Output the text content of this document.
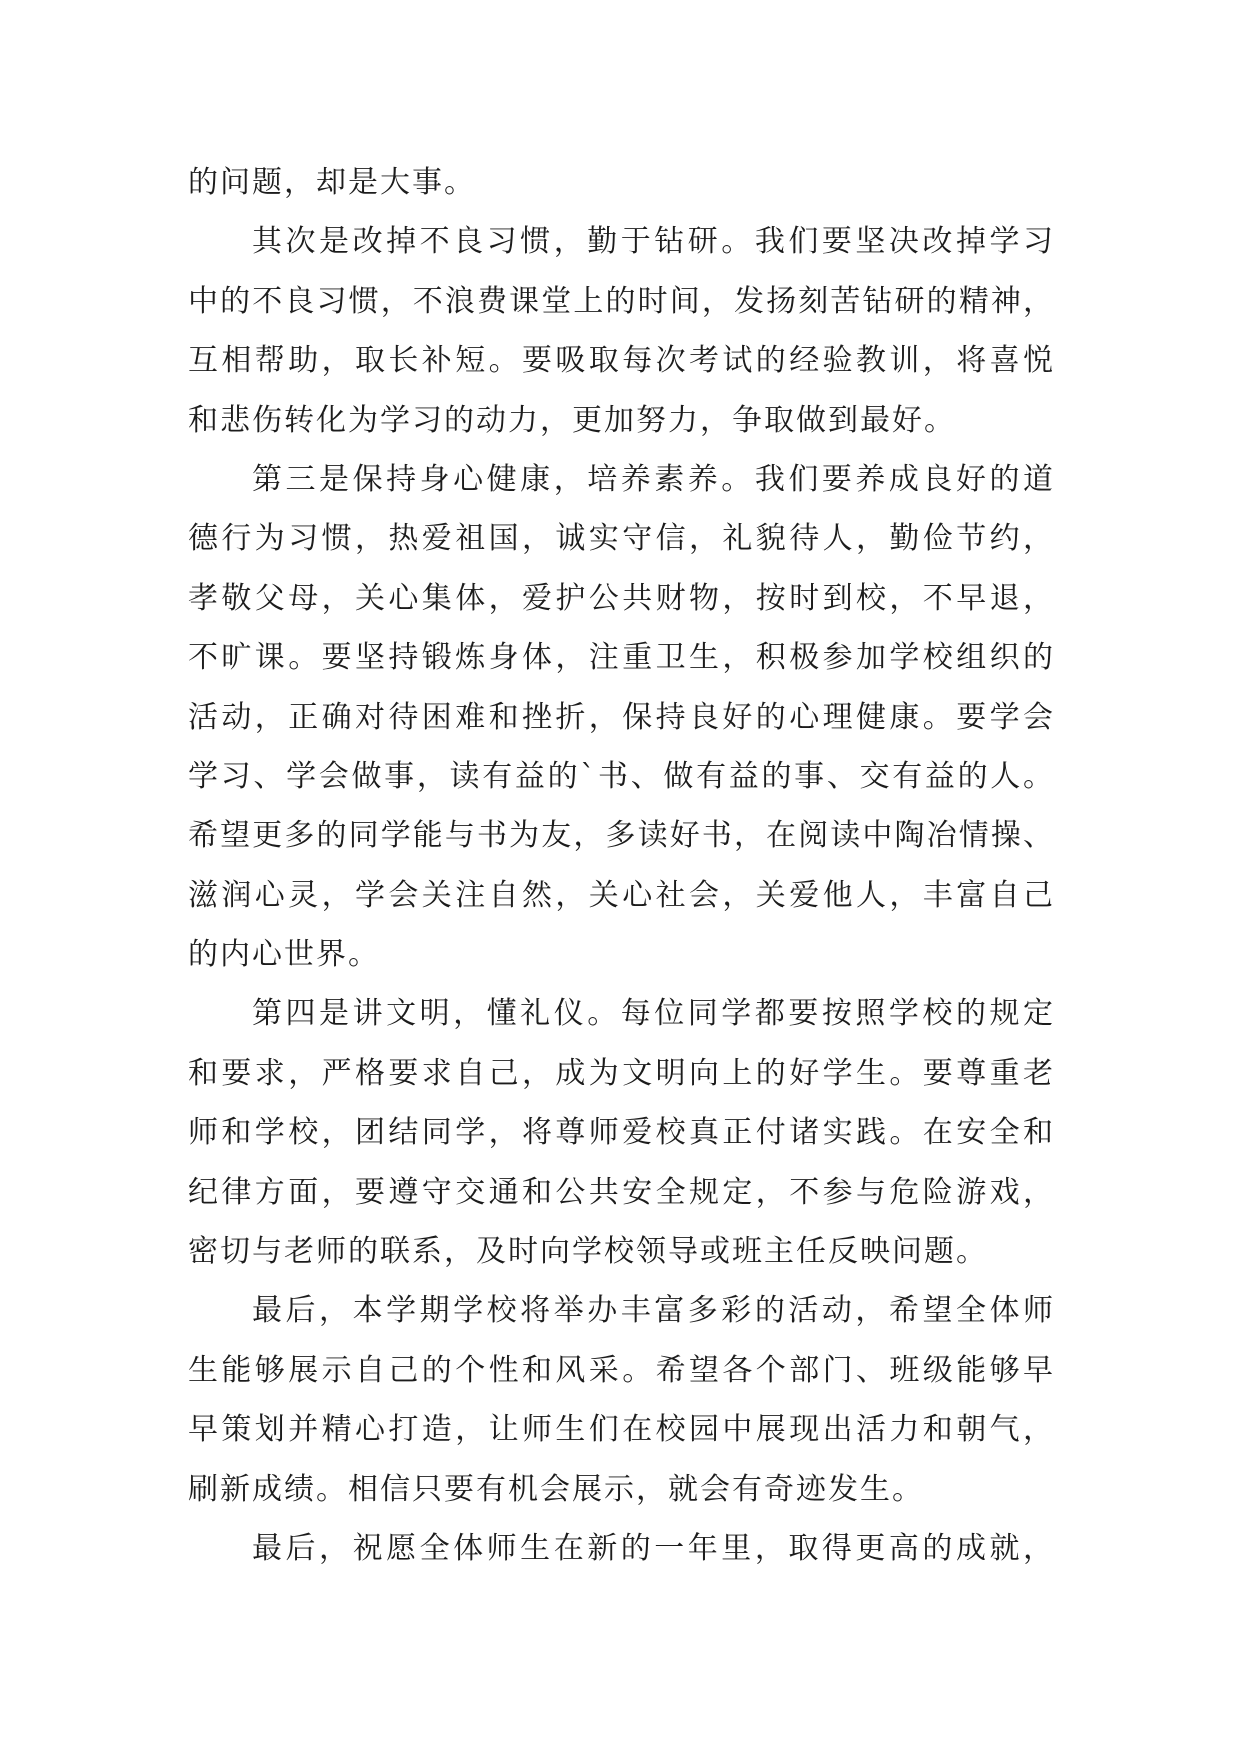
的问题，却是大事。
其次是改掉不良习惯，勤于钻研。我们要坚决改掉学习
中的不良习惯，不浪费课堂上的时间，发扬刻苦钻研的精神，
互相帮助，取长补短。要吸取每次考试的经验教训，将喜悦
和悲伤转化为学习的动力，更加努力，争取做到最好。
第三是保持身心健康，培养素养。我们要养成良好的道
德行为习惯，热爱祖国，诚实守信，礼貌待人，勤俭节约，
孝敬父母，关心集体，爱护公共财物，按时到校，不早退，
不旷课。要坚持锻炼身体，注重卫生，积极参加学校组织的
活动，正确对待困难和挫折，保持良好的心理健康。要学会
学习、学会做事，读有益的`书、做有益的事、交有益的人。
希望更多的同学能与书为友，多读好书，在阅读中陶冶情操、
滋润心灵，学会关注自然，关心社会，关爱他人，丰富自己
的内心世界。
第四是讲文明，懂礼仪。每位同学都要按照学校的规定
和要求，严格要求自己，成为文明向上的好学生。要尊重老
师和学校，团结同学，将尊师爱校真正付诸实践。在安全和
纪律方面，要遵守交通和公共安全规定，不参与危险游戏，
密切与老师的联系，及时向学校领导或班主任反映问题。
最后，本学期学校将举办丰富多彩的活动，希望全体师
生能够展示自己的个性和风采。希望各个部门、班级能够早
早策划并精心打造，让师生们在校园中展现出活力和朝气，
刷新成绩。相信只要有机会展示，就会有奇迹发生。
最后，祝愿全体师生在新的一年里，取得更高的成就，
